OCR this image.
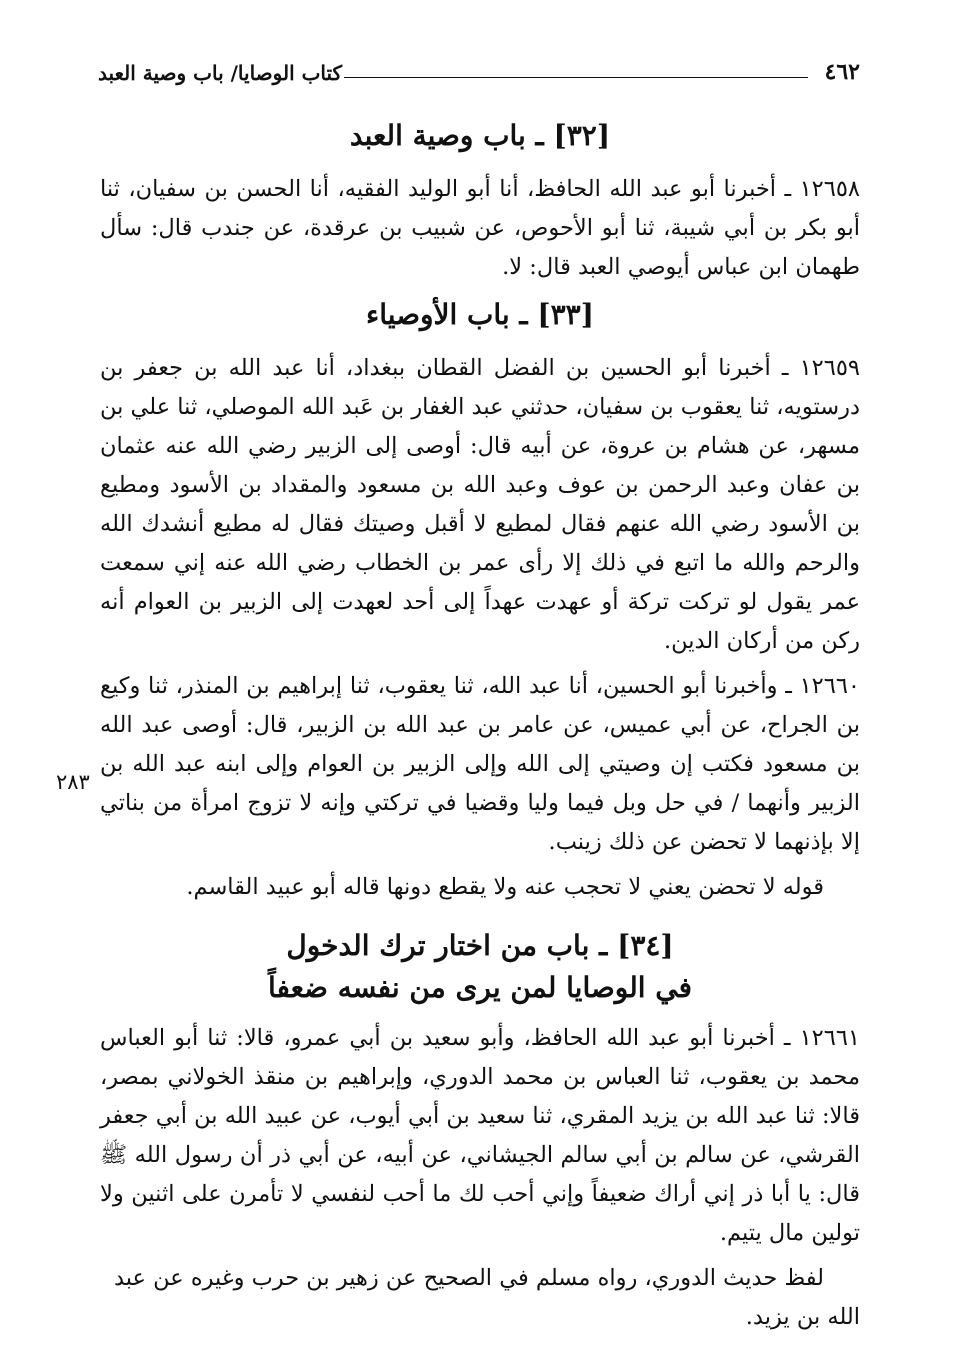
٤٦٢
كتاب الوصايا/ باب وصية العبد
٢٨٣
[٣٢] ـ باب وصية العبد

١٢٦٥٨ ـ أخبرنا أبو عبد الله الحافظ، أنا أبو الوليد الفقيه، أنا الحسن بن سفيان، ثنا أبو بكر بن أبي شيبة، ثنا أبو الأحوص، عن شبيب بن عرقدة، عن جندب قال: سأل طهمان ابن عباس أيوصي العبد قال: لا.

[٣٣] ـ باب الأوصياء

١٢٦٥٩ ـ أخبرنا أبو الحسين بن الفضل القطان ببغداد، أنا عبد الله بن جعفر بن درستويه، ثنا يعقوب بن سفيان، حدثني عبد الغفار بن عَبد الله الموصلي، ثنا علي بن مسهر، عن هشام بن عروة، عن أبيه قال: أوصى إلى الزبير رضي الله عنه عثمان بن عفان وعبد الرحمن بن عوف وعبد الله بن مسعود والمقداد بن الأسود ومطيع بن الأسود رضي الله عنهم فقال لمطيع لا أقبل وصيتك فقال له مطيع أنشدك الله والرحم والله ما اتبع في ذلك إلا رأى عمر بن الخطاب رضي الله عنه إني سمعت عمر يقول لو تركت تركة أو عهدت عهداً إلى أحد لعهدت إلى الزبير بن العوام أنه ركن من أركان الدين.

١٢٦٦٠ ـ وأخبرنا أبو الحسين، أنا عبد الله، ثنا يعقوب، ثنا إبراهيم بن المنذر، ثنا وكيع بن الجراح، عن أبي عميس، عن عامر بن عبد الله بن الزبير، قال: أوصى عبد الله بن مسعود فكتب إن وصيتي إلى الله وإلى الزبير بن العوام وإلى ابنه عبد الله بن الزبير وأنهما / في حل وبل فيما وليا وقضيا في تركتي وإنه لا تزوج امرأة من بناتي إلا بإذنهما لا تحضن عن ذلك زينب.

قوله لا تحضن يعني لا تحجب عنه ولا يقطع دونها قاله أبو عبيد القاسم.

[٣٤] ـ باب من اختار ترك الدخول
في الوصايا لمن يرى من نفسه ضعفاً

١٢٦٦١ ـ أخبرنا أبو عبد الله الحافظ، وأبو سعيد بن أبي عمرو، قالا: ثنا أبو العباس محمد بن يعقوب، ثنا العباس بن محمد الدوري، وإبراهيم بن منقذ الخولاني بمصر، قالا: ثنا عبد الله بن يزيد المقري، ثنا سعيد بن أبي أيوب، عن عبيد الله بن أبي جعفر القرشي، عن سالم بن أبي سالم الجيشاني، عن أبيه، عن أبي ذر أن رسول الله ﷺ قال: يا أبا ذر إني أراك ضعيفاً وإني أحب لك ما أحب لنفسي لا تأمرن على اثنين ولا تولين مال يتيم.

لفظ حديث الدوري، رواه مسلم في الصحيح عن زهير بن حرب وغيره عن عبد الله بن يزيد.
